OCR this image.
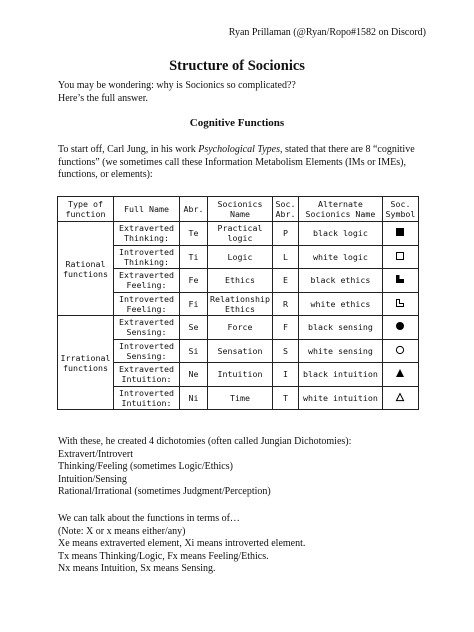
Ryan Prillaman (@Ryan/Ropo#1582 on Discord)
Structure of Socionics
You may be wondering: why is Socionics so complicated??
Here’s the full answer.
Cognitive Functions
To start off, Carl Jung, in his work Psychological Types, stated that there are 8 “cognitive functions” (we sometimes call these Information Metabolism Elements (IMs or IMEs), functions, or elements):
Type of function	Full Name	Abr.	Socionics Name	Soc. Abr.	Alternate Socionics Name	Soc. Symbol
Rational functions	Extraverted Thinking:	Te	Practical logic	P	black logic	
	Introverted Thinking:	Ti	Logic	L	white logic	
	Extraverted Feeling:	Fe	Ethics	E	black ethics	
	Introverted Feeling:	Fi	Relationship Ethics	R	white ethics	
Irrational functions	Extraverted Sensing:	Se	Force	F	black sensing	
	Introverted Sensing:	Si	Sensation	S	white sensing	
	Extraverted Intuition:	Ne	Intuition	I	black intuition	
	Introverted Intuition:	Ni	Time	T	white intuition	
With these, he created 4 dichotomies (often called Jungian Dichotomies):
Extravert/Introvert
Thinking/Feeling (sometimes Logic/Ethics)
Intuition/Sensing
Rational/Irrational (sometimes Judgment/Perception)
We can talk about the functions in terms of…
(Note: X or x means either/any)
Xe means extraverted element, Xi means introverted element.
Tx means Thinking/Logic, Fx means Feeling/Ethics.
Nx means Intuition, Sx means Sensing.
